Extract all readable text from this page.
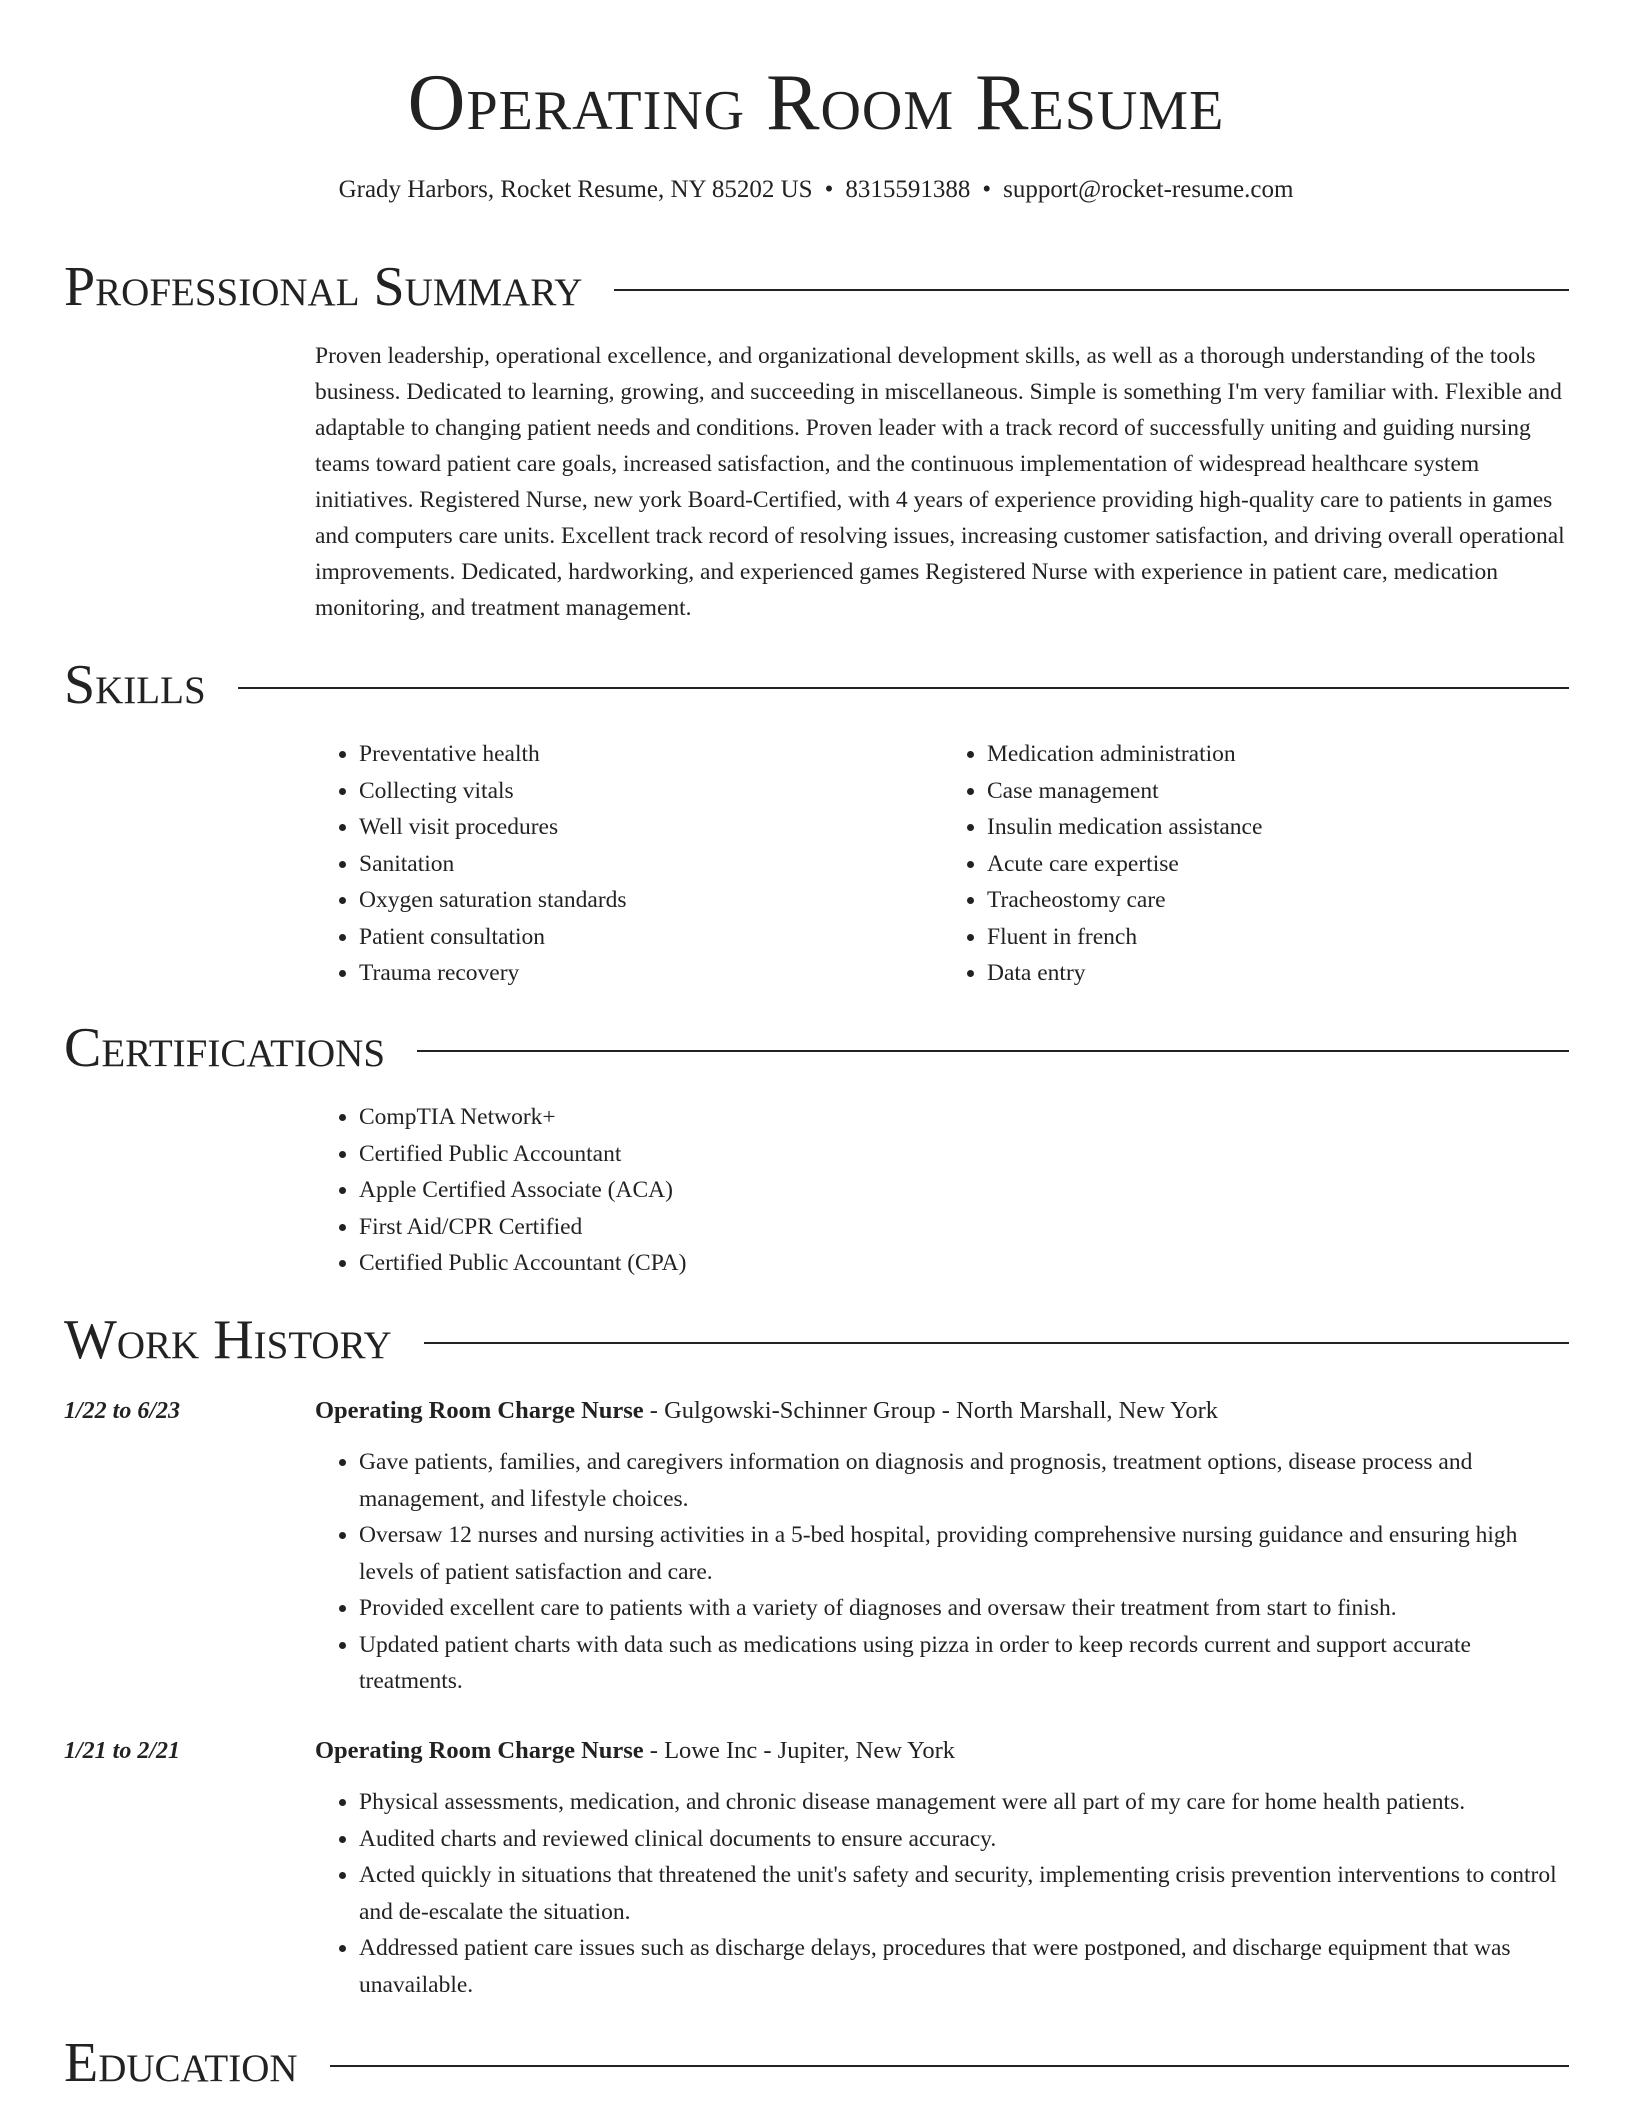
Operating Room Resume
Grady Harbors, Rocket Resume, NY 85202 US • 8315591388 • support@rocket-resume.com
Professional Summary
Proven leadership, operational excellence, and organizational development skills, as well as a thorough understanding of the tools business. Dedicated to learning, growing, and succeeding in miscellaneous. Simple is something I'm very familiar with. Flexible and adaptable to changing patient needs and conditions. Proven leader with a track record of successfully uniting and guiding nursing teams toward patient care goals, increased satisfaction, and the continuous implementation of widespread healthcare system initiatives. Registered Nurse, new york Board-Certified, with 4 years of experience providing high-quality care to patients in games and computers care units. Excellent track record of resolving issues, increasing customer satisfaction, and driving overall operational improvements. Dedicated, hardworking, and experienced games Registered Nurse with experience in patient care, medication monitoring, and treatment management.
Skills
• Preventative health
• Collecting vitals
• Well visit procedures
• Sanitation
• Oxygen saturation standards
• Patient consultation
• Trauma recovery
• Medication administration
• Case management
• Insulin medication assistance
• Acute care expertise
• Tracheostomy care
• Fluent in french
• Data entry
Certifications
• CompTIA Network+
• Certified Public Accountant
• Apple Certified Associate (ACA)
• First Aid/CPR Certified
• Certified Public Accountant (CPA)
Work History
1/22 to 6/23	Operating Room Charge Nurse - Gulgowski-Schinner Group - North Marshall, New York
• Gave patients, families, and caregivers information on diagnosis and prognosis, treatment options, disease process and management, and lifestyle choices.
• Oversaw 12 nurses and nursing activities in a 5-bed hospital, providing comprehensive nursing guidance and ensuring high levels of patient satisfaction and care.
• Provided excellent care to patients with a variety of diagnoses and oversaw their treatment from start to finish.
• Updated patient charts with data such as medications using pizza in order to keep records current and support accurate treatments.
1/21 to 2/21	Operating Room Charge Nurse - Lowe Inc - Jupiter, New York
• Physical assessments, medication, and chronic disease management were all part of my care for home health patients.
• Audited charts and reviewed clinical documents to ensure accuracy.
• Acted quickly in situations that threatened the unit's safety and security, implementing crisis prevention interventions to control and de-escalate the situation.
• Addressed patient care issues such as discharge delays, procedures that were postponed, and discharge equipment that was unavailable.
Education
